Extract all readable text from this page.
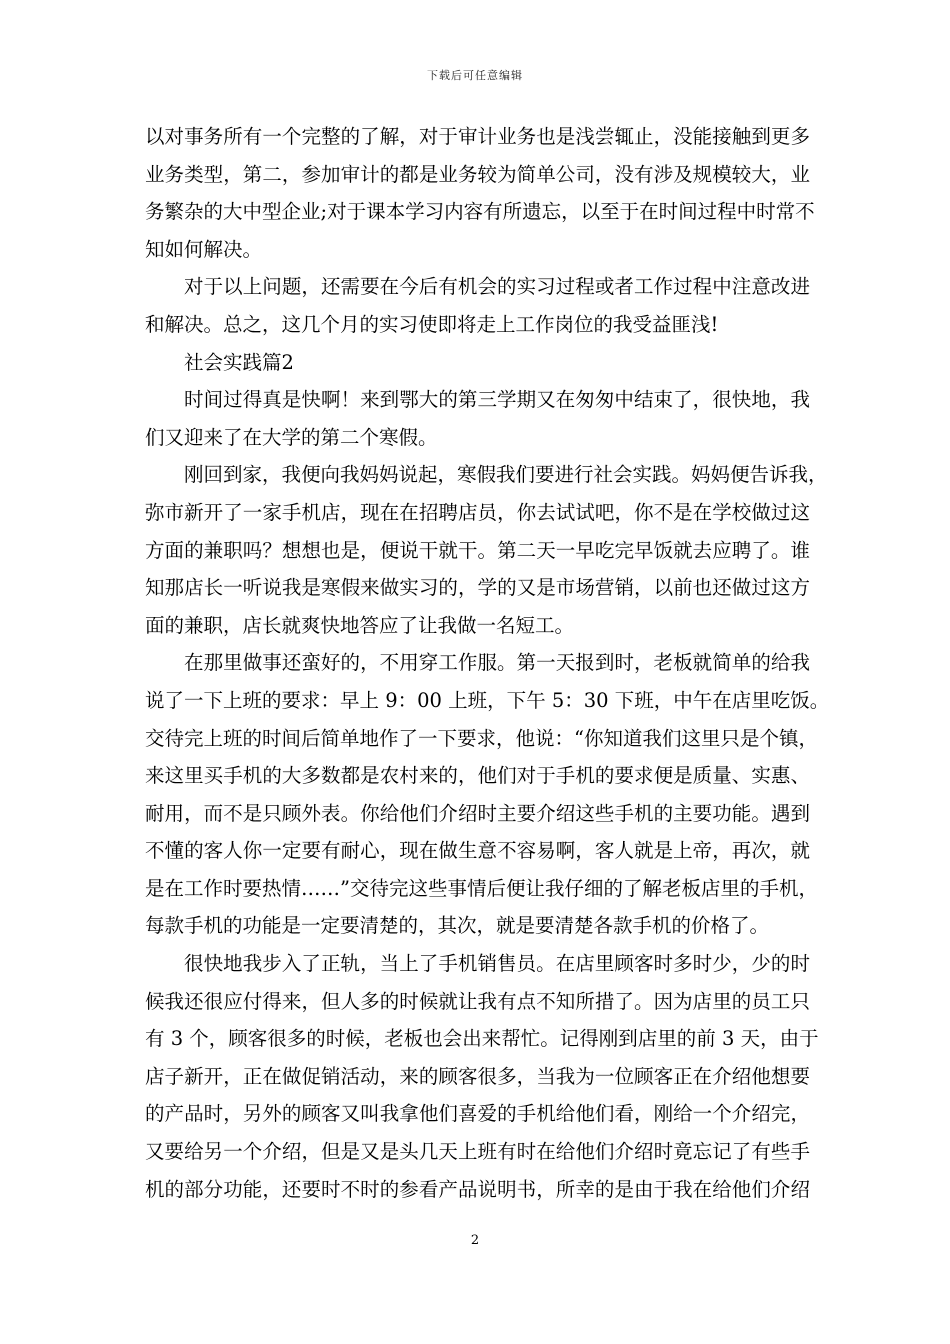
下载后可任意编辑
以对事务所有一个完整的了解，对于审计业务也是浅尝辄止，没能接触到更多
业务类型，第二，参加审计的都是业务较为简单公司，没有涉及规模较大，业
务繁杂的大中型企业;对于课本学习内容有所遗忘，以至于在时间过程中时常不
知如何解决。
对于以上问题，还需要在今后有机会的实习过程或者工作过程中注意改进
和解决。总之，这几个月的实习使即将走上工作岗位的我受益匪浅!
社会实践篇2
时间过得真是快啊！来到鄂大的第三学期又在匆匆中结束了，很快地，我
们又迎来了在大学的第二个寒假。
刚回到家，我便向我妈妈说起，寒假我们要进行社会实践。妈妈便告诉我，
弥市新开了一家手机店，现在在招聘店员，你去试试吧，你不是在学校做过这
方面的兼职吗？想想也是，便说干就干。第二天一早吃完早饭就去应聘了。谁
知那店长一听说我是寒假来做实习的，学的又是市场营销，以前也还做过这方
面的兼职，店长就爽快地答应了让我做一名短工。
在那里做事还蛮好的，不用穿工作服。第一天报到时，老板就简单的给我
说了一下上班的要求：早上 9：00 上班，下午 5：30 下班，中午在店里吃饭。
交待完上班的时间后简单地作了一下要求，他说：“你知道我们这里只是个镇，
来这里买手机的大多数都是农村来的，他们对于手机的要求便是质量、实惠、
耐用，而不是只顾外表。你给他们介绍时主要介绍这些手机的主要功能。遇到
不懂的客人你一定要有耐心，现在做生意不容易啊，客人就是上帝，再次，就
是在工作时要热情……”交待完这些事情后便让我仔细的了解老板店里的手机，
每款手机的功能是一定要清楚的，其次，就是要清楚各款手机的价格了。
很快地我步入了正轨，当上了手机销售员。在店里顾客时多时少，少的时
候我还很应付得来，但人多的时候就让我有点不知所措了。因为店里的员工只
有 3 个，顾客很多的时候，老板也会出来帮忙。记得刚到店里的前 3 天，由于
店子新开，正在做促销活动，来的顾客很多，当我为一位顾客正在介绍他想要
的产品时，另外的顾客又叫我拿他们喜爱的手机给他们看，刚给一个介绍完，
又要给另一个介绍，但是又是头几天上班有时在给他们介绍时竟忘记了有些手
机的部分功能，还要时不时的参看产品说明书，所幸的是由于我在给他们介绍
2
